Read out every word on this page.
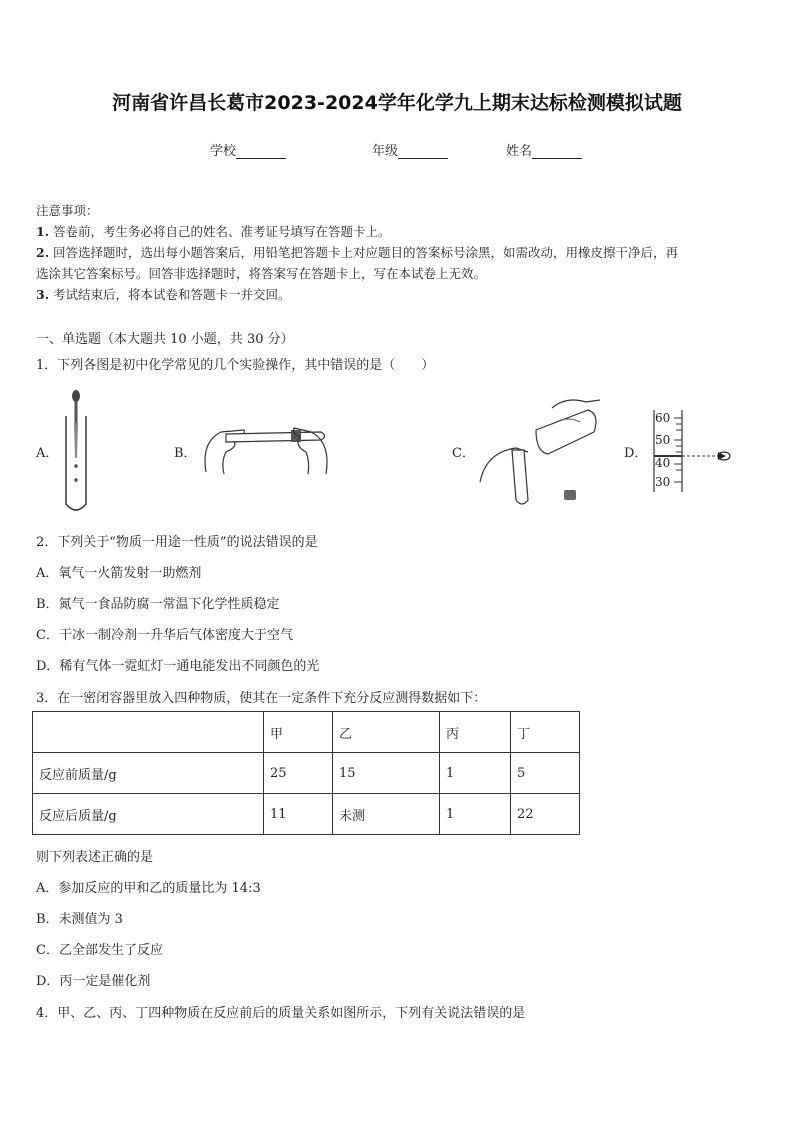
河南省许昌长葛市2023-2024学年化学九上期末达标检测模拟试题
学校	年级	姓名
注意事项：
1. 答卷前，考生务必将自己的姓名、准考证号填写在答题卡上。
2. 回答选择题时，选出每小题答案后，用铅笔把答题卡上对应题目的答案标号涂黑，如需改动，用橡皮擦干净后，再
选涂其它答案标号。回答非选择题时，将答案写在答题卡上，写在本试卷上无效。
3. 考试结束后，将本试卷和答题卡一并交回。
一、单选题（本大题共 10 小题，共 30 分）
1．下列各图是初中化学常见的几个实验操作，其中错误的是（　　）
A．	B．	C．	D．
60
50
40
30
2．下列关于“物质一用途一性质”的说法错误的是
A．氧气一火箭发射一助燃剂
B．氮气一食品防腐一常温下化学性质稳定
C．干冰一制冷剂一升华后气体密度大于空气
D．稀有气体一霓虹灯一通电能发出不同颜色的光
3．在一密闭容器里放入四种物质，使其在一定条件下充分反应测得数据如下：
	甲	乙	丙	丁
反应前质量/g	25	15	1	5
反应后质量/g	11	未测	1	22
则下列表述正确的是
A．参加反应的甲和乙的质量比为 14:3
B．未测值为 3
C．乙全部发生了反应
D．丙一定是催化剂
4．甲、乙、丙、丁四种物质在反应前后的质量关系如图所示，下列有关说法错误的是
